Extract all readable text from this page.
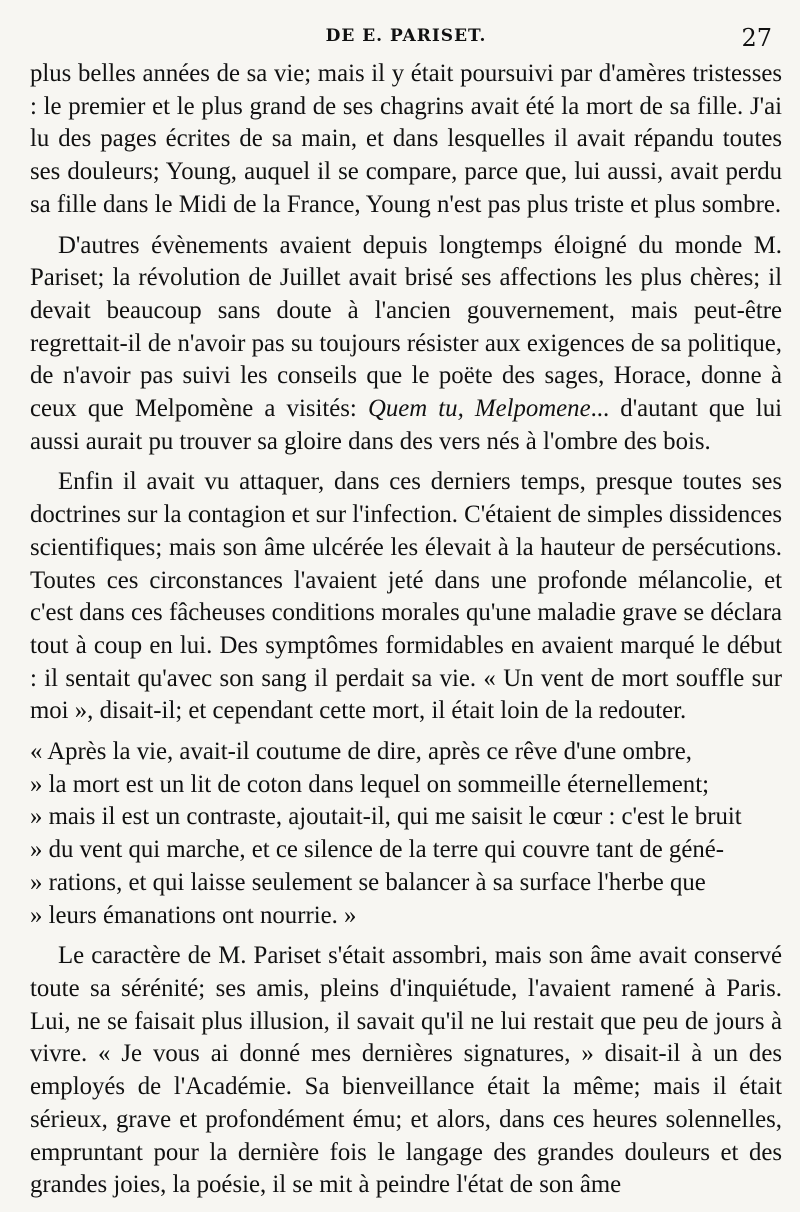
DE E. PARISET.	27

plus belles années de sa vie; mais il y était poursuivi par d'amères tristesses : le premier et le plus grand de ses chagrins avait été la mort de sa fille. J'ai lu des pages écrites de sa main, et dans lesquelles il avait répandu toutes ses douleurs; Young, auquel il se compare, parce que, lui aussi, avait perdu sa fille dans le Midi de la France, Young n'est pas plus triste et plus sombre.

D'autres évènements avaient depuis longtemps éloigné du monde M. Pariset; la révolution de Juillet avait brisé ses affections les plus chères; il devait beaucoup sans doute à l'ancien gouvernement, mais peut-être regrettait-il de n'avoir pas su toujours résister aux exigences de sa politique, de n'avoir pas suivi les conseils que le poëte des sages, Horace, donne à ceux que Melpomène a visités: Quem tu, Melpomene... d'autant que lui aussi aurait pu trouver sa gloire dans des vers nés à l'ombre des bois.

Enfin il avait vu attaquer, dans ces derniers temps, presque toutes ses doctrines sur la contagion et sur l'infection. C'étaient de simples dissidences scientifiques; mais son âme ulcérée les élevait à la hauteur de persécutions. Toutes ces circonstances l'avaient jeté dans une profonde mélancolie, et c'est dans ces fâcheuses conditions morales qu'une maladie grave se déclara tout à coup en lui. Des symptômes formidables en avaient marqué le début : il sentait qu'avec son sang il perdait sa vie. « Un vent de mort souffle sur moi », disait-il; et cependant cette mort, il était loin de la redouter.

« Après la vie, avait-il coutume de dire, après ce rêve d'une ombre,
» la mort est un lit de coton dans lequel on sommeille éternellement;
» mais il est un contraste, ajoutait-il, qui me saisit le cœur : c'est le bruit
» du vent qui marche, et ce silence de la terre qui couvre tant de géné-
» rations, et qui laisse seulement se balancer à sa surface l'herbe que
» leurs émanations ont nourrie. »

Le caractère de M. Pariset s'était assombri, mais son âme avait conservé toute sa sérénité; ses amis, pleins d'inquiétude, l'avaient ramené à Paris. Lui, ne se faisait plus illusion, il savait qu'il ne lui restait que peu de jours à vivre. « Je vous ai donné mes dernières signatures, » disait-il à un des employés de l'Académie. Sa bienveillance était la même; mais il était sérieux, grave et profondément ému; et alors, dans ces heures solennelles, empruntant pour la dernière fois le langage des grandes douleurs et des grandes joies, la poésie, il se mit à peindre l'état de son âme
